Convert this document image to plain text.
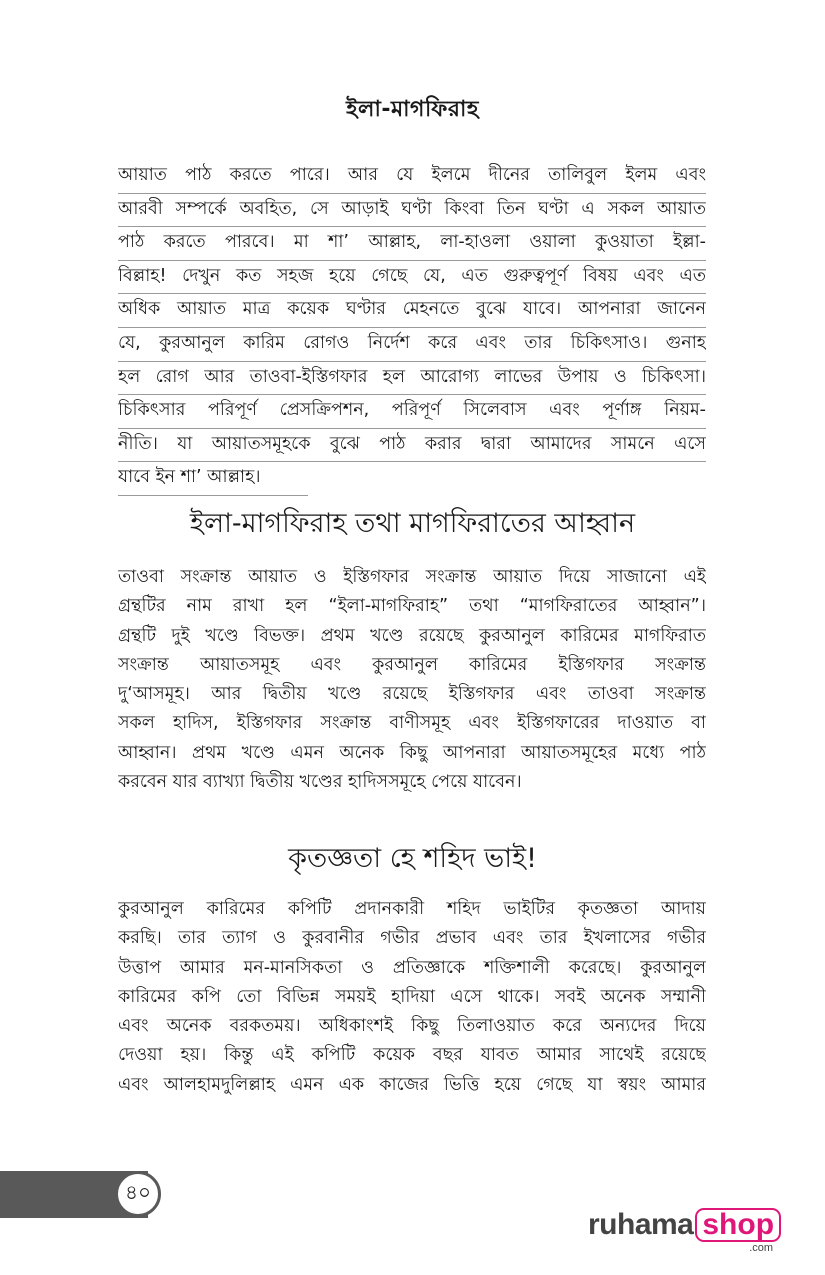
ইলা-মাগফিরাহ
আয়াত পাঠ করতে পারে। আর যে ইলমে দীনের তালিবুল ইলম এবং
আরবী সম্পর্কে অবহিত, সে আড়াই ঘণ্টা কিংবা তিন ঘণ্টা এ সকল আয়াত
পাঠ করতে পারবে। মা শা’ আল্লাহ, লা-হাওলা ওয়ালা কুওয়াতা ইল্লা-
বিল্লাহ! দেখুন কত সহজ হয়ে গেছে যে, এত গুরুত্বপূর্ণ বিষয় এবং এত
অধিক আয়াত মাত্র কয়েক ঘণ্টার মেহনতে বুঝে যাবে। আপনারা জানেন
যে, কুরআনুল কারিম রোগও নির্দেশ করে এবং তার চিকিৎসাও। গুনাহ
হল রোগ আর তাওবা-ইস্তিগফার হল আরোগ্য লাভের উপায় ও চিকিৎসা।
চিকিৎসার পরিপূর্ণ প্রেসক্রিপশন, পরিপূর্ণ সিলেবাস এবং পূর্ণাঙ্গ নিয়ম-
নীতি। যা আয়াতসমূহকে বুঝে পাঠ করার দ্বারা আমাদের সামনে এসে
যাবে ইন শা’ আল্লাহ।
ইলা-মাগফিরাহ তথা মাগফিরাতের আহ্বান
তাওবা সংক্রান্ত আয়াত ও ইস্তিগফার সংক্রান্ত আয়াত দিয়ে সাজানো এই
গ্রন্থটির নাম রাখা হল “ইলা-মাগফিরাহ” তথা “মাগফিরাতের আহ্বান”।
গ্রন্থটি দুই খণ্ডে বিভক্ত। প্রথম খণ্ডে রয়েছে কুরআনুল কারিমের মাগফিরাত
সংক্রান্ত আয়াতসমূহ এবং কুরআনুল কারিমের ইস্তিগফার সংক্রান্ত
দু‘আসমূহ। আর দ্বিতীয় খণ্ডে রয়েছে ইস্তিগফার এবং তাওবা সংক্রান্ত
সকল হাদিস, ইস্তিগফার সংক্রান্ত বাণীসমূহ এবং ইস্তিগফারের দাওয়াত বা
আহ্বান। প্রথম খণ্ডে এমন অনেক কিছু আপনারা আয়াতসমূহের মধ্যে পাঠ
করবেন যার ব্যাখ্যা দ্বিতীয় খণ্ডের হাদিসসমূহে পেয়ে যাবেন।
কৃতজ্ঞতা হে শহিদ ভাই!
কুরআনুল কারিমের কপিটি প্রদানকারী শহিদ ভাইটির কৃতজ্ঞতা আদায়
করছি। তার ত্যাগ ও কুরবানীর গভীর প্রভাব এবং তার ইখলাসের গভীর
উত্তাপ আমার মন-মানসিকতা ও প্রতিজ্ঞাকে শক্তিশালী করেছে। কুরআনুল
কারিমের কপি তো বিভিন্ন সময়ই হাদিয়া এসে থাকে। সবই অনেক সম্মানী
এবং অনেক বরকতময়। অধিকাংশই কিছু তিলাওয়াত করে অন্যদের দিয়ে
দেওয়া হয়। কিন্তু এই কপিটি কয়েক বছর যাবত আমার সাথেই রয়েছে
এবং আলহামদুলিল্লাহ এমন এক কাজের ভিত্তি হয়ে গেছে যা স্বয়ং আমার
৪০
ruhama shop
.com
